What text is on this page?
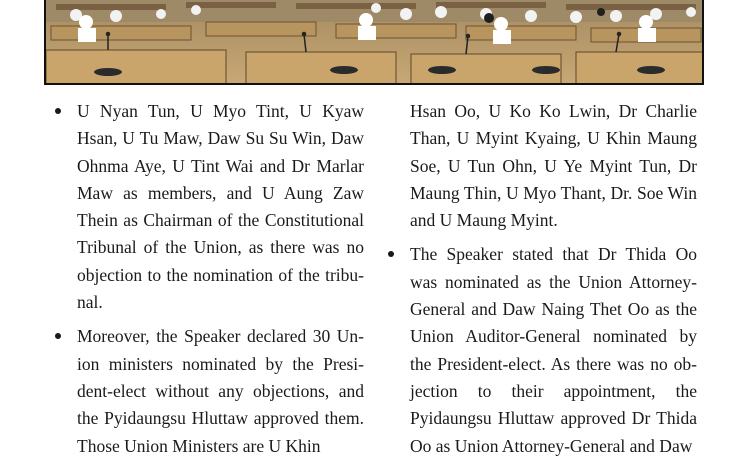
U Nyan Tun, U Myo Tint, U Kyaw Hsan, U Tu Maw, Daw Su Su Win, Daw Ohnma Aye, U Tint Wai and Dr Marlar Maw as members, and U Aung Zaw Thein as Chairman of the Constitutional Tribunal of the Union, as there was no objection to the nomination of the tribu-nal.

Moreover, the Speaker declared 30 Un-ion ministers nominated by the Presi-dent-elect without any objections, and the Pyidaungsu Hluttaw approved them. Those Union Ministers are U Khin

Hsan Oo, U Ko Ko Lwin, Dr Charlie Than, U Myint Kyaing, U Khin Maung Soe, U Tun Ohn, U Ye Myint Tun, Dr Maung Thin, U Myo Thant, Dr. Soe Win and U Maung Myint.

The Speaker stated that Dr Thida Oo was nominated as the Union Attorney-General and Daw Naing Thet Oo as the Union Auditor-General nominated by the President-elect. As there was no ob-jection to their appointment, the Pyidaungsu Hluttaw approved Dr Thida Oo as Union Attorney-General and Daw
